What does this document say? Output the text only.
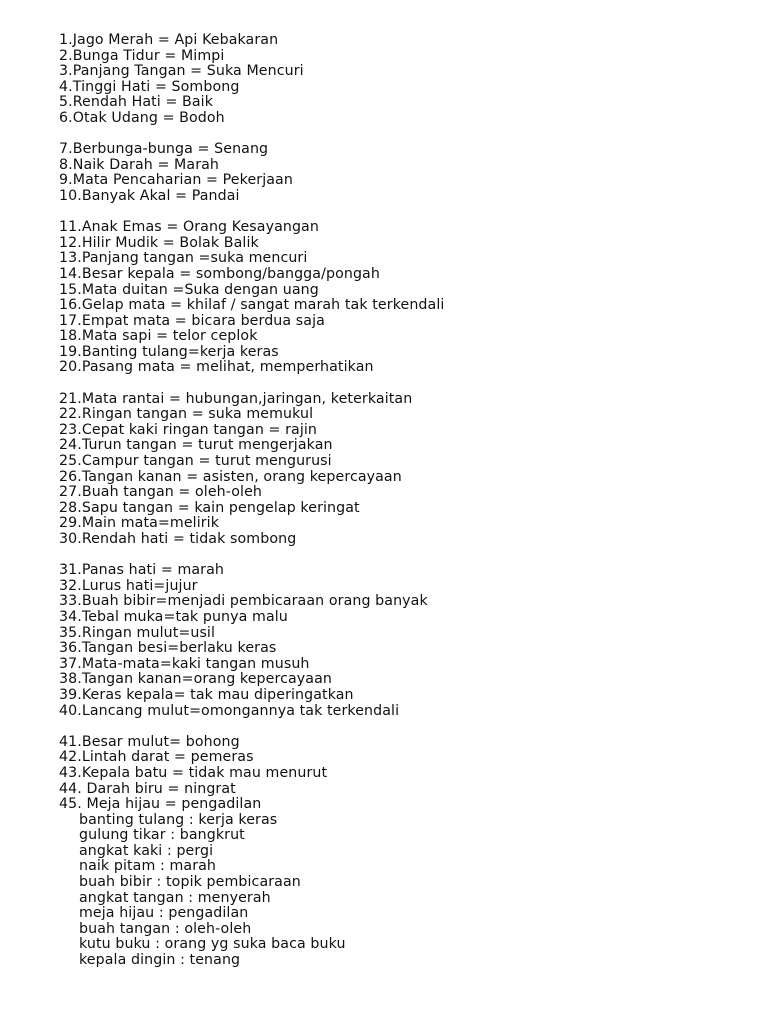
1.Jago Merah = Api Kebakaran
2.Bunga Tidur = Mimpi
3.Panjang Tangan = Suka Mencuri
4.Tinggi Hati = Sombong
5.Rendah Hati = Baik
6.Otak Udang = Bodoh
7.Berbunga-bunga = Senang
8.Naik Darah = Marah
9.Mata Pencaharian = Pekerjaan
10.Banyak Akal = Pandai
11.Anak Emas = Orang Kesayangan
12.Hilir Mudik = Bolak Balik
13.Panjang tangan =suka mencuri
14.Besar kepala = sombong/bangga/pongah
15.Mata duitan =Suka dengan uang
16.Gelap mata = khilaf / sangat marah tak terkendali
17.Empat mata = bicara berdua saja
18.Mata sapi = telor ceplok
19.Banting tulang=kerja keras
20.Pasang mata = melihat, memperhatikan
21.Mata rantai = hubungan,jaringan, keterkaitan
22.Ringan tangan = suka memukul
23.Cepat kaki ringan tangan = rajin
24.Turun tangan = turut mengerjakan
25.Campur tangan = turut mengurusi
26.Tangan kanan = asisten, orang kepercayaan
27.Buah tangan = oleh-oleh
28.Sapu tangan = kain pengelap keringat
29.Main mata=melirik
30.Rendah hati = tidak sombong
31.Panas hati = marah
32.Lurus hati=jujur
33.Buah bibir=menjadi pembicaraan orang banyak
34.Tebal muka=tak punya malu
35.Ringan mulut=usil
36.Tangan besi=berlaku keras
37.Mata-mata=kaki tangan musuh
38.Tangan kanan=orang kepercayaan
39.Keras kepala= tak mau diperingatkan
40.Lancang mulut=omongannya tak terkendali
41.Besar mulut= bohong
42.Lintah darat = pemeras
43.Kepala batu = tidak mau menurut
44. Darah biru = ningrat
45. Meja hijau = pengadilan
banting tulang : kerja keras
gulung tikar : bangkrut
angkat kaki : pergi
naik pitam : marah
buah bibir : topik pembicaraan
angkat tangan : menyerah
meja hijau : pengadilan
buah tangan : oleh-oleh
kutu buku : orang yg suka baca buku
kepala dingin : tenang
